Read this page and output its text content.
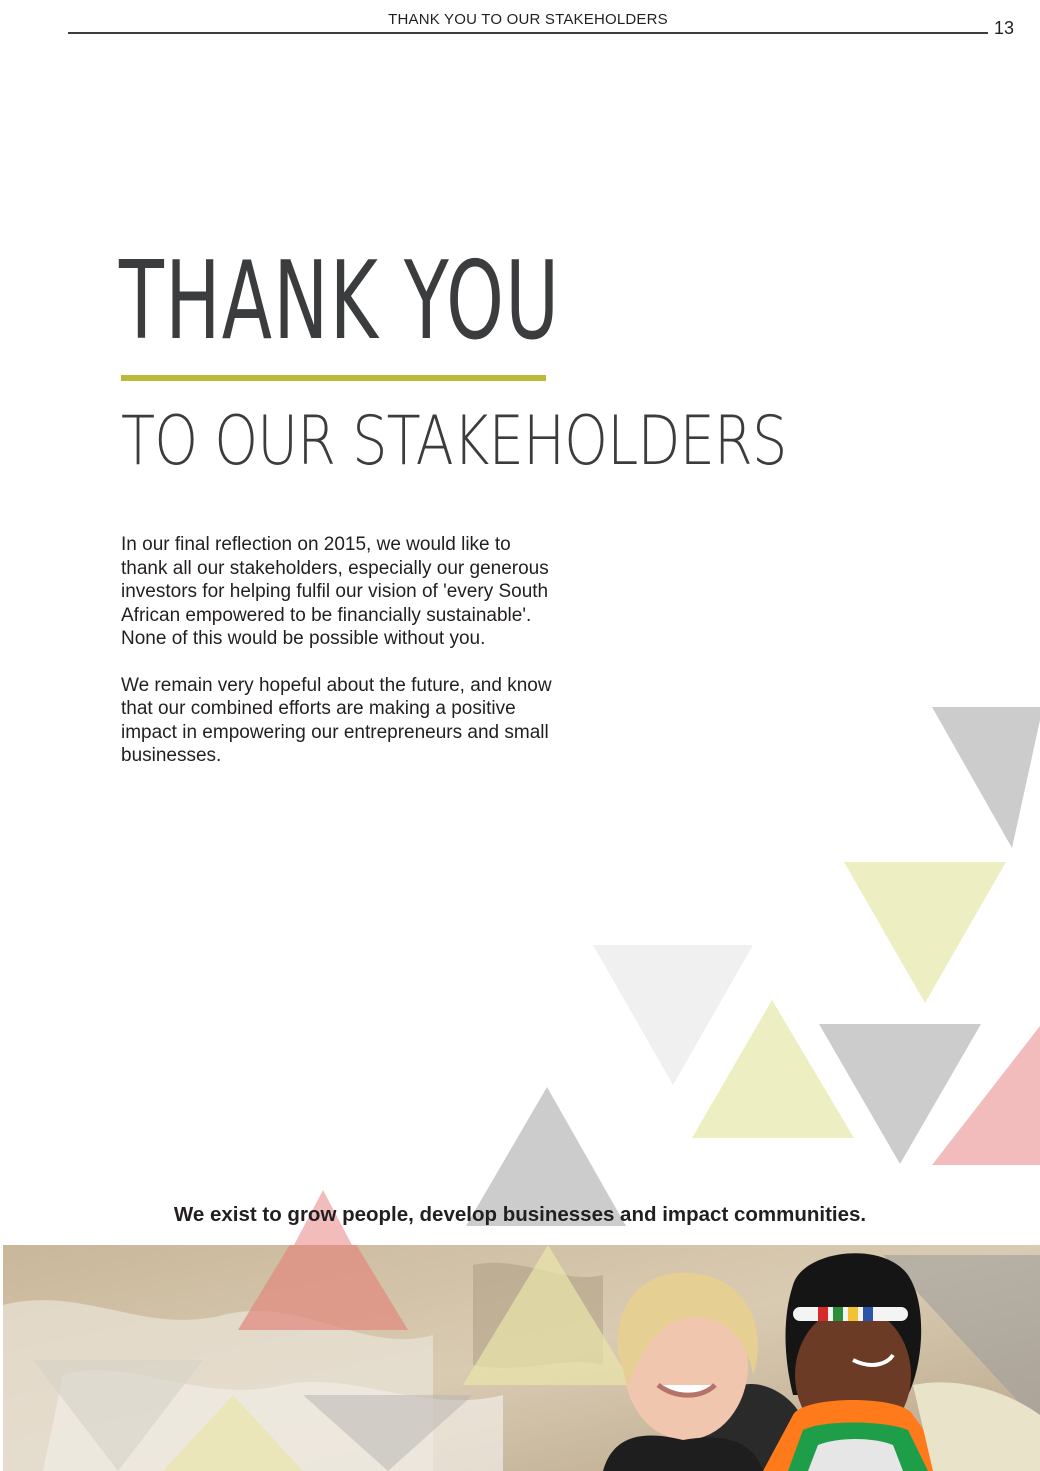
THANK YOU TO OUR STAKEHOLDERS	13
THANK YOU
TO OUR STAKEHOLDERS

In our final reflection on 2015, we would like to thank all our stakeholders, especially our generous investors for helping fulfil our vision of 'every South African empowered to be financially sustainable'. None of this would be possible without you.

We remain very hopeful about the future, and know that our combined efforts are making a positive impact in empowering our entrepreneurs and small businesses.

We exist to grow people, develop businesses and impact communities.
